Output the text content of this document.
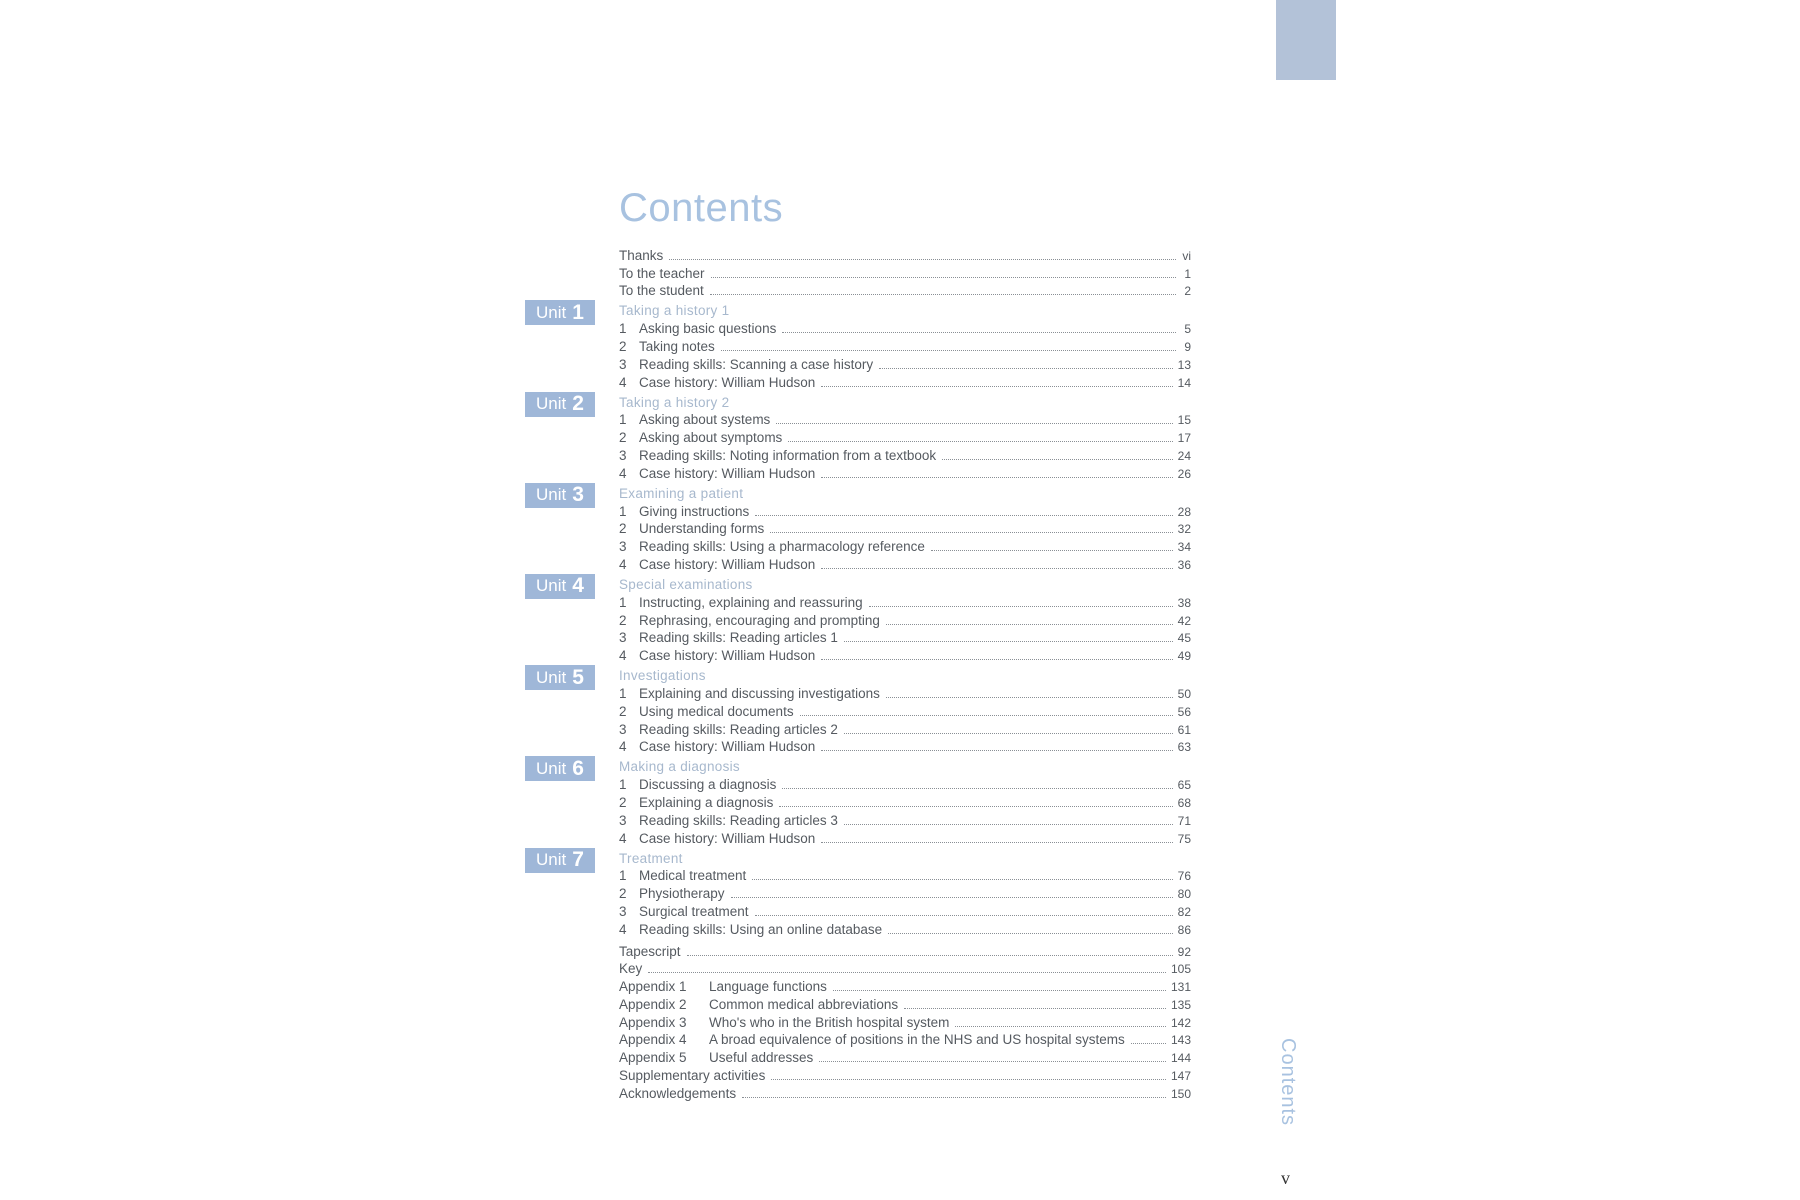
Contents
Thanks	vi
To the teacher	1
To the student	2
Unit 1	Taking a history 1
1 Asking basic questions	5
2 Taking notes	9
3 Reading skills: Scanning a case history	13
4 Case history: William Hudson	14
Unit 2	Taking a history 2
1 Asking about systems	15
2 Asking about symptoms	17
3 Reading skills: Noting information from a textbook	24
4 Case history: William Hudson	26
Unit 3	Examining a patient
1 Giving instructions	28
2 Understanding forms	32
3 Reading skills: Using a pharmacology reference	34
4 Case history: William Hudson	36
Unit 4	Special examinations
1 Instructing, explaining and reassuring	38
2 Rephrasing, encouraging and prompting	42
3 Reading skills: Reading articles 1	45
4 Case history: William Hudson	49
Unit 5	Investigations
1 Explaining and discussing investigations	50
2 Using medical documents	56
3 Reading skills: Reading articles 2	61
4 Case history: William Hudson	63
Unit 6	Making a diagnosis
1 Discussing a diagnosis	65
2 Explaining a diagnosis	68
3 Reading skills: Reading articles 3	71
4 Case history: William Hudson	75
Unit 7	Treatment
1 Medical treatment	76
2 Physiotherapy	80
3 Surgical treatment	82
4 Reading skills: Using an online database	86
Tapescript	92
Key	105
Appendix 1	Language functions	131
Appendix 2	Common medical abbreviations	135
Appendix 3	Who's who in the British hospital system	142
Appendix 4	A broad equivalence of positions in the NHS and US hospital systems	143
Appendix 5	Useful addresses	144
Supplementary activities	147
Acknowledgements	150	Contents
v
